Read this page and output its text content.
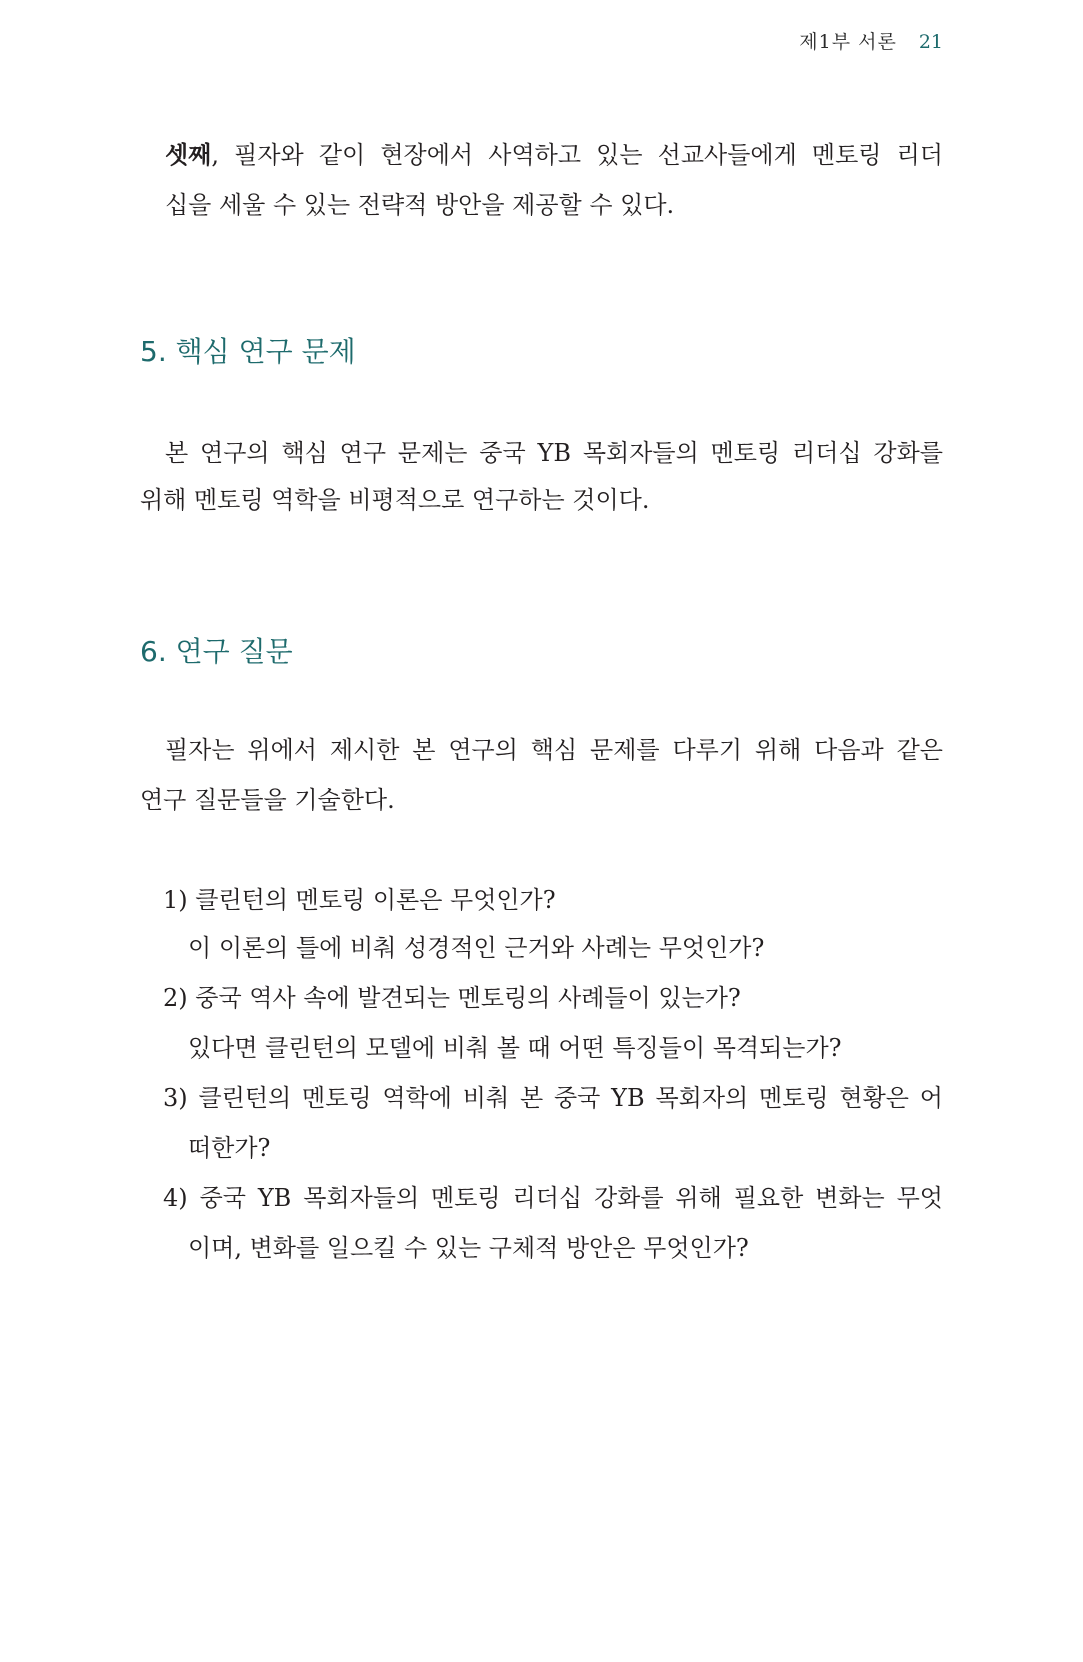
제1부 서론 21
셋째, 필자와 같이 현장에서 사역하고 있는 선교사들에게 멘토링 리더
십을 세울 수 있는 전략적 방안을 제공할 수 있다.
5. 핵심 연구 문제
본 연구의 핵심 연구 문제는 중국 YB 목회자들의 멘토링 리더십 강화를
위해 멘토링 역학을 비평적으로 연구하는 것이다.
6. 연구 질문
필자는 위에서 제시한 본 연구의 핵심 문제를 다루기 위해 다음과 같은
연구 질문들을 기술한다.
1) 클린턴의 멘토링 이론은 무엇인가?
이 이론의 틀에 비춰 성경적인 근거와 사례는 무엇인가?
2) 중국 역사 속에 발견되는 멘토링의 사례들이 있는가?
있다면 클린턴의 모델에 비춰 볼 때 어떤 특징들이 목격되는가?
3) 클린턴의 멘토링 역학에 비춰 본 중국 YB 목회자의 멘토링 현황은 어
떠한가?
4) 중국 YB 목회자들의 멘토링 리더십 강화를 위해 필요한 변화는 무엇
이며, 변화를 일으킬 수 있는 구체적 방안은 무엇인가?
